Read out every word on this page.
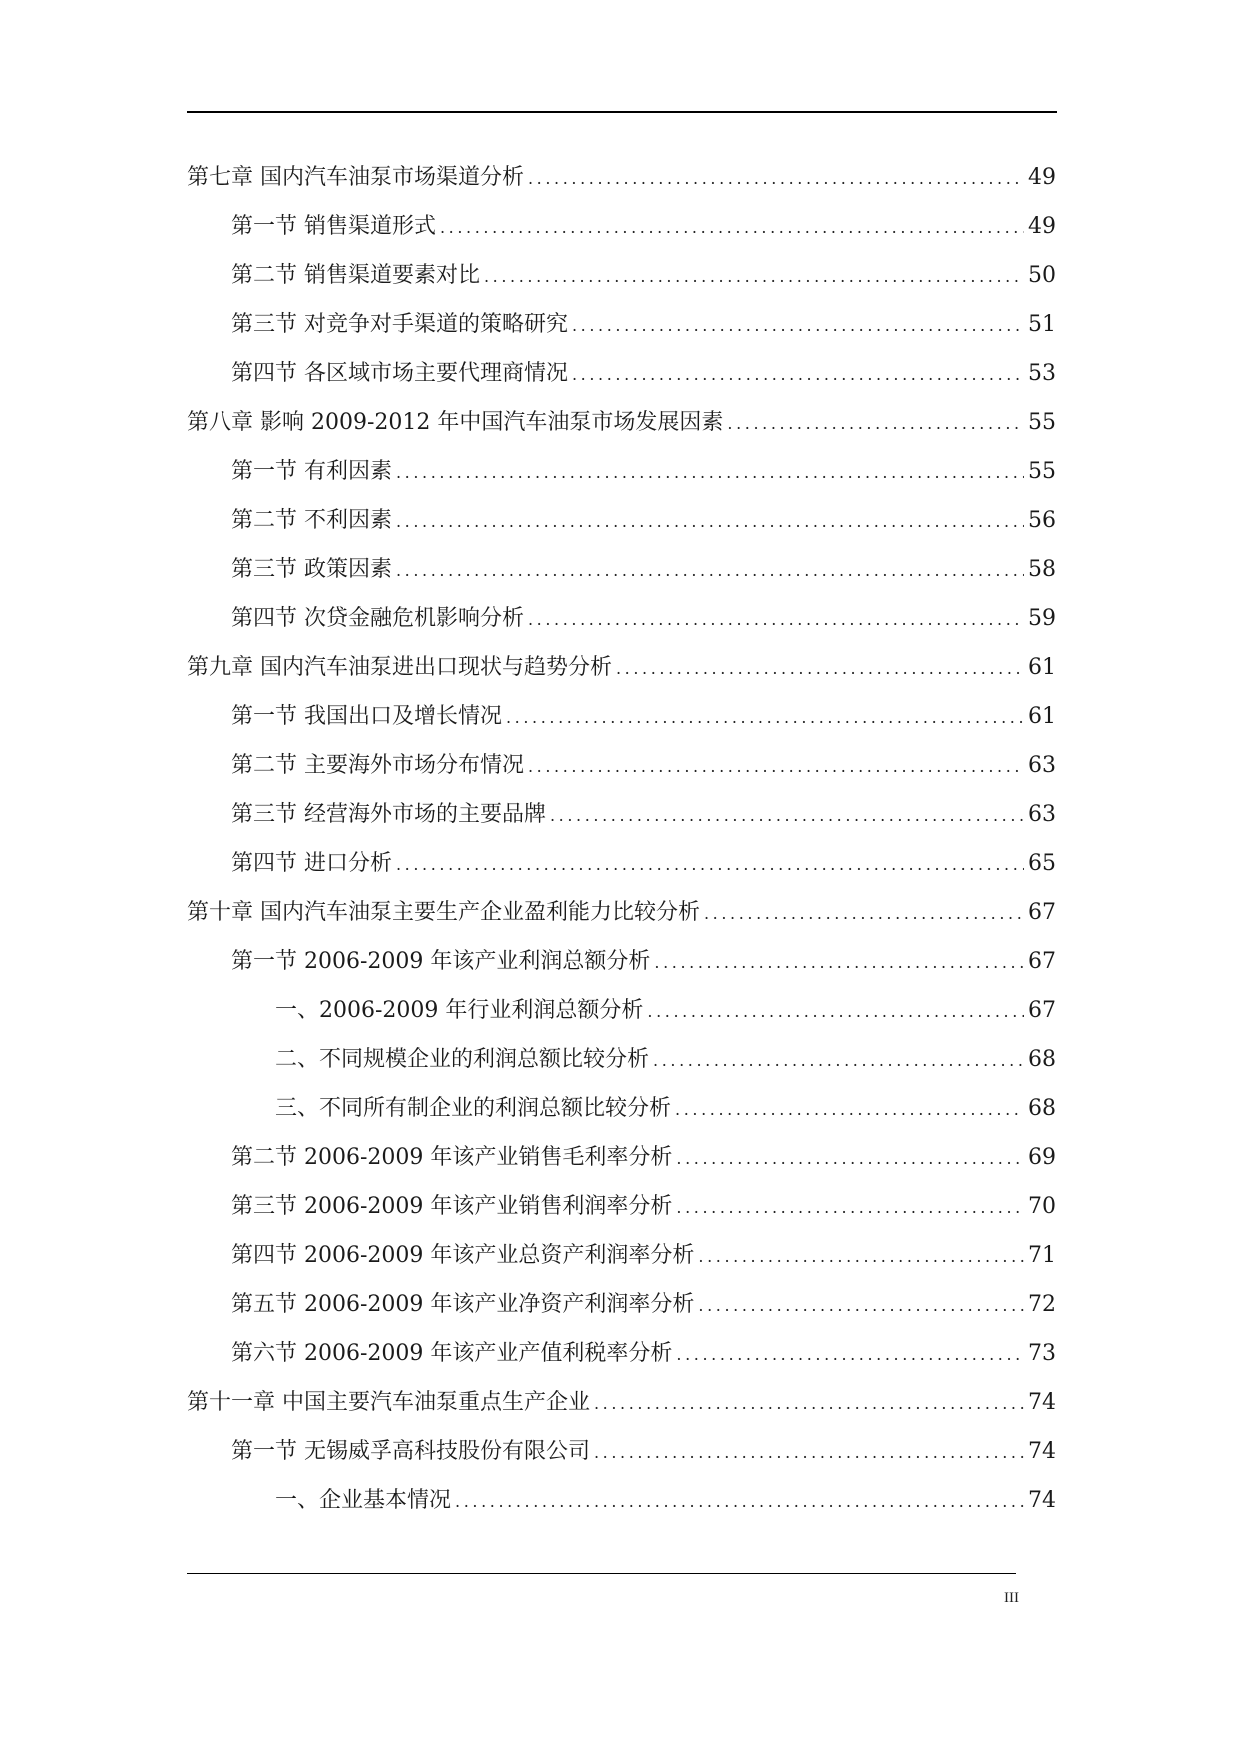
第七章 国内汽车油泵市场渠道分析 .....	49
第一节 销售渠道形式 .....	49
第二节 销售渠道要素对比 .....	50
第三节 对竞争对手渠道的策略研究 .....	51
第四节 各区域市场主要代理商情况 .....	53
第八章 影响 2009-2012 年中国汽车油泵市场发展因素 .....	55
第一节 有利因素 .....	55
第二节 不利因素 .....	56
第三节 政策因素 .....	58
第四节 次贷金融危机影响分析 .....	59
第九章 国内汽车油泵进出口现状与趋势分析 .....	61
第一节 我国出口及增长情况 .....	61
第二节 主要海外市场分布情况 .....	63
第三节 经营海外市场的主要品牌 .....	63
第四节 进口分析 .....	65
第十章 国内汽车油泵主要生产企业盈利能力比较分析 .....	67
第一节 2006-2009 年该产业利润总额分析 .....	67
一、2006-2009 年行业利润总额分析 .....	67
二、不同规模企业的利润总额比较分析 .....	68
三、不同所有制企业的利润总额比较分析 .....	68
第二节 2006-2009 年该产业销售毛利率分析 .....	69
第三节 2006-2009 年该产业销售利润率分析 .....	70
第四节 2006-2009 年该产业总资产利润率分析 .....	71
第五节 2006-2009 年该产业净资产利润率分析 .....	72
第六节 2006-2009 年该产业产值利税率分析 .....	73
第十一章 中国主要汽车油泵重点生产企业 .....	74
第一节 无锡威孚高科技股份有限公司 .....	74
一、企业基本情况 .....	74
III
